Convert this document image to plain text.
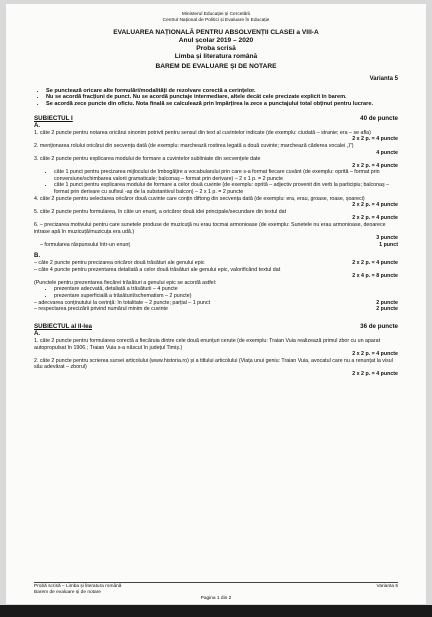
Ministerul Educației și Cercetării
Centrul Național de Politici și Evaluare în Educație
EVALUAREA NAȚIONALĂ PENTRU ABSOLVENȚII CLASEI a VIII-A
Anul școlar 2019 – 2020
Proba scrisă
Limba și literatura română
BAREM DE EVALUARE ȘI DE NOTARE
Varianta 5
• Se punctează oricare alte formulări/modalități de rezolvare corectă a cerințelor.
• Nu se acordă fracțiuni de punct. Nu se acordă punctaje intermediare, altele decât cele precizate explicit în barem.
• Se acordă zece puncte din oficiu. Nota finală se calculează prin împărțirea la zece a punctajului total obținut pentru lucrare.
SUBIECTUL I	40 de puncte
A.
1. câte 2 puncte pentru notarea oricărui sinonim potrivit pentru sensul din text al cuvintelor indicate (de exemplu: ciudată – stranie; era – se afla)
2 x 2 p. = 4 puncte
2. menționarea rolului oricărui din secvența dată (de exemplu: marchează rostirea legată a două cuvinte; marchează căderea vocalei „î”)
4 puncte
3. câte 2 puncte pentru explicarea modului de formare a cuvintelor subliniate din secvențele date
2 x 2 p. = 4 puncte
• câte 1 punct pentru precizarea mijlocului de îmbogățire a vocabularului prin care s-a format fiecare cuvânt (de exemplu: oprită – format prin conversiune/schimbarea valorii gramaticale; balconaș – format prin derivare) – 2 x 1 p. = 2 puncte
• câte 1 punct pentru explicarea modului de formare a celor două cuvinte (de exemplu: oprită – adjectiv provenit din verb la participiu; balconaș – format prin derivare cu sufixul -aș de la substantivul balcon) – 2 x 1 p. = 2 puncte
4. câte 2 puncte pentru selectarea oricăror două cuvinte care conțin diftong din secvența dată (de exemplu: era, erau, groase, roase, șoareci)
2 x 2 p. = 4 puncte
5. câte 2 puncte pentru formularea, în câte un enunț, a oricăror două idei principale/secundare din textul dat
2 x 2 p. = 4 puncte
6. – precizarea motivului pentru care sunetele produse de muzicuță nu erau tocmai armonioase (de exemplu: Sunetele nu erau armonioase, deoarece intrase apă în muzicuță/muzicuța era udă.)
3 puncte
– formularea răspunsului într-un enunț	1 punct
B.
– câte 2 puncte pentru precizarea oricăror două trăsături ale genului epic	2 x 2 p. = 4 puncte
– câte 4 puncte pentru prezentarea detaliată a celor două trăsături ale genului epic, valorificând textul dat
2 x 4 p. = 8 puncte
(Punctele pentru prezentarea fiecărei trăsături a genului epic se acordă astfel:
• prezentare adecvată, detaliată a trăsăturii – 4 puncte
• prezentare superficială a trăsăturii/schematism – 2 puncte)
– adecvarea conținutului la cerință: în totalitate – 2 puncte; parțial – 1 punct	2 puncte
– respectarea precizării privind numărul minim de cuvinte	2 puncte
SUBIECTUL al II-lea	36 de puncte
A.
1. câte 2 puncte pentru formularea corectă a fiecăruia dintre cele două enunțuri cerute (de exemplu: Traian Vuia realizează primul zbor cu un aparat autopropulsat în 1906.; Traian Vuia s-a născut în județul Timiș.)
2 x 2 p. = 4 puncte
2. câte 2 puncte pentru scrierea sursei articolului (www.historia.ro) și a titlului articolului (Viața unui geniu: Traian Vuia, avocatul care nu a renunțat la visul său adevărat – zborul)
2 x 2 p. = 4 puncte
Probă scrisă – Limba și literatura română	Varianta 5
Barem de evaluare și de notare
Pagina 1 din 2
